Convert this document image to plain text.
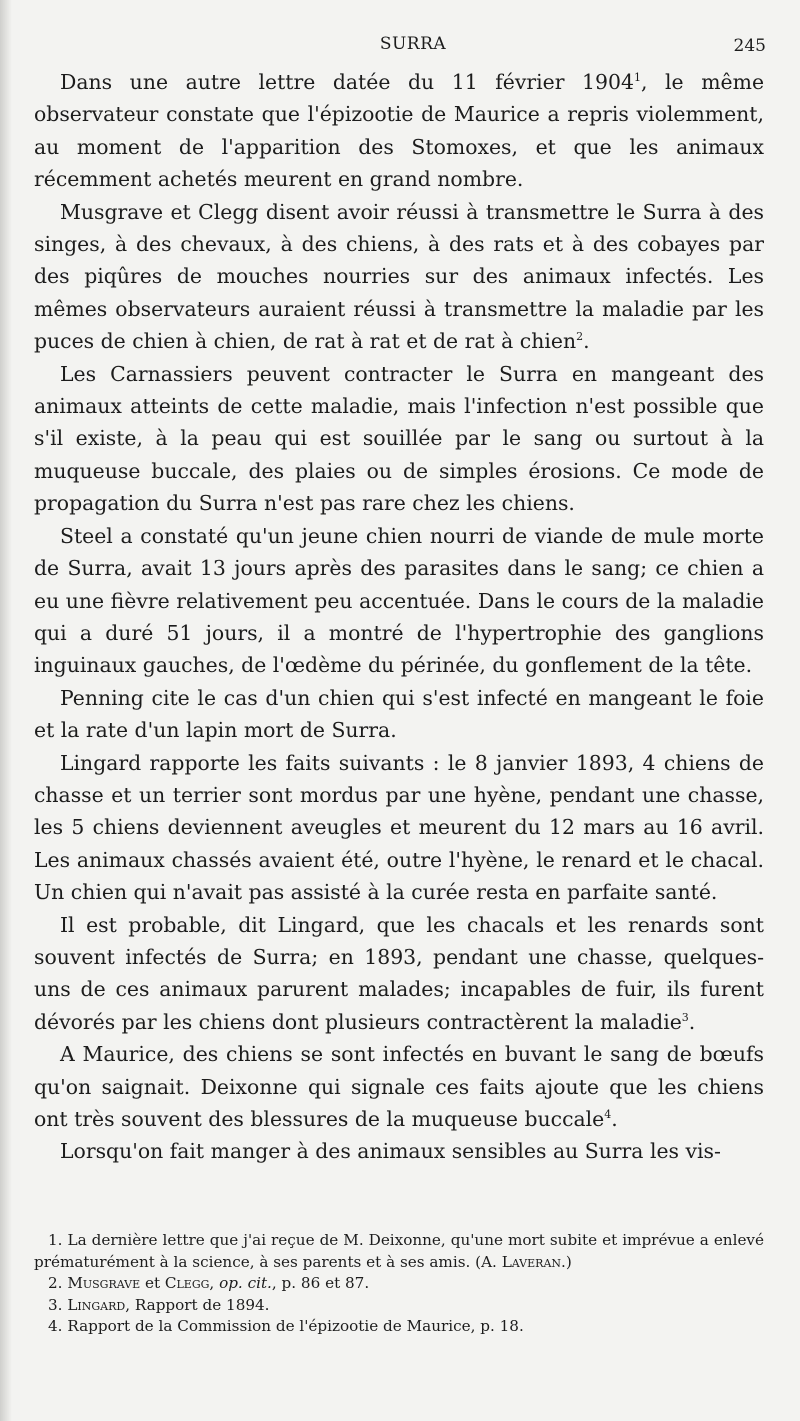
SURRA	245

Dans une autre lettre datée du 11 février 1904$^1$, le même observateur constate que l'épizootie de Maurice a repris violemment, au moment de l'apparition des Stomoxes, et que les animaux récemment achetés meurent en grand nombre.

Musgrave et Clegg disent avoir réussi à transmettre le Surra à des singes, à des chevaux, à des chiens, à des rats et à des cobayes par des piqûres de mouches nourries sur des animaux infectés. Les mêmes observateurs auraient réussi à transmettre la maladie par les puces de chien à chien, de rat à rat et de rat à chien$^2$.

Les Carnassiers peuvent contracter le Surra en mangeant des animaux atteints de cette maladie, mais l'infection n'est possible que s'il existe, à la peau qui est souillée par le sang ou surtout à la muqueuse buccale, des plaies ou de simples érosions. Ce mode de propagation du Surra n'est pas rare chez les chiens.

Steel a constaté qu'un jeune chien nourri de viande de mule morte de Surra, avait 13 jours après des parasites dans le sang; ce chien a eu une fièvre relativement peu accentuée. Dans le cours de la maladie qui a duré 51 jours, il a montré de l'hypertrophie des ganglions inguinaux gauches, de l'œdème du périnée, du gonflement de la tête.

Penning cite le cas d'un chien qui s'est infecté en mangeant le foie et la rate d'un lapin mort de Surra.

Lingard rapporte les faits suivants : le 8 janvier 1893, 4 chiens de chasse et un terrier sont mordus par une hyène, pendant une chasse, les 5 chiens deviennent aveugles et meurent du 12 mars au 16 avril. Les animaux chassés avaient été, outre l'hyène, le renard et le chacal. Un chien qui n'avait pas assisté à la curée resta en parfaite santé.

Il est probable, dit Lingard, que les chacals et les renards sont souvent infectés de Surra; en 1893, pendant une chasse, quelques-uns de ces animaux parurent malades; incapables de fuir, ils furent dévorés par les chiens dont plusieurs contractèrent la maladie$^3$.

A Maurice, des chiens se sont infectés en buvant le sang de bœufs qu'on saignait. Deixonne qui signale ces faits ajoute que les chiens ont très souvent des blessures de la muqueuse buccale$^4$.

Lorsqu'on fait manger à des animaux sensibles au Surra les vis-

1. La dernière lettre que j'ai reçue de M. Deixonne, qu'une mort subite et imprévue a enlevé prématurément à la science, à ses parents et à ses amis. (A. Laveran.)

2. Musgrave et Clegg, op. cit., p. 86 et 87.

3. Lingard, Rapport de 1894.

4. Rapport de la Commission de l'épizootie de Maurice, p. 18.
